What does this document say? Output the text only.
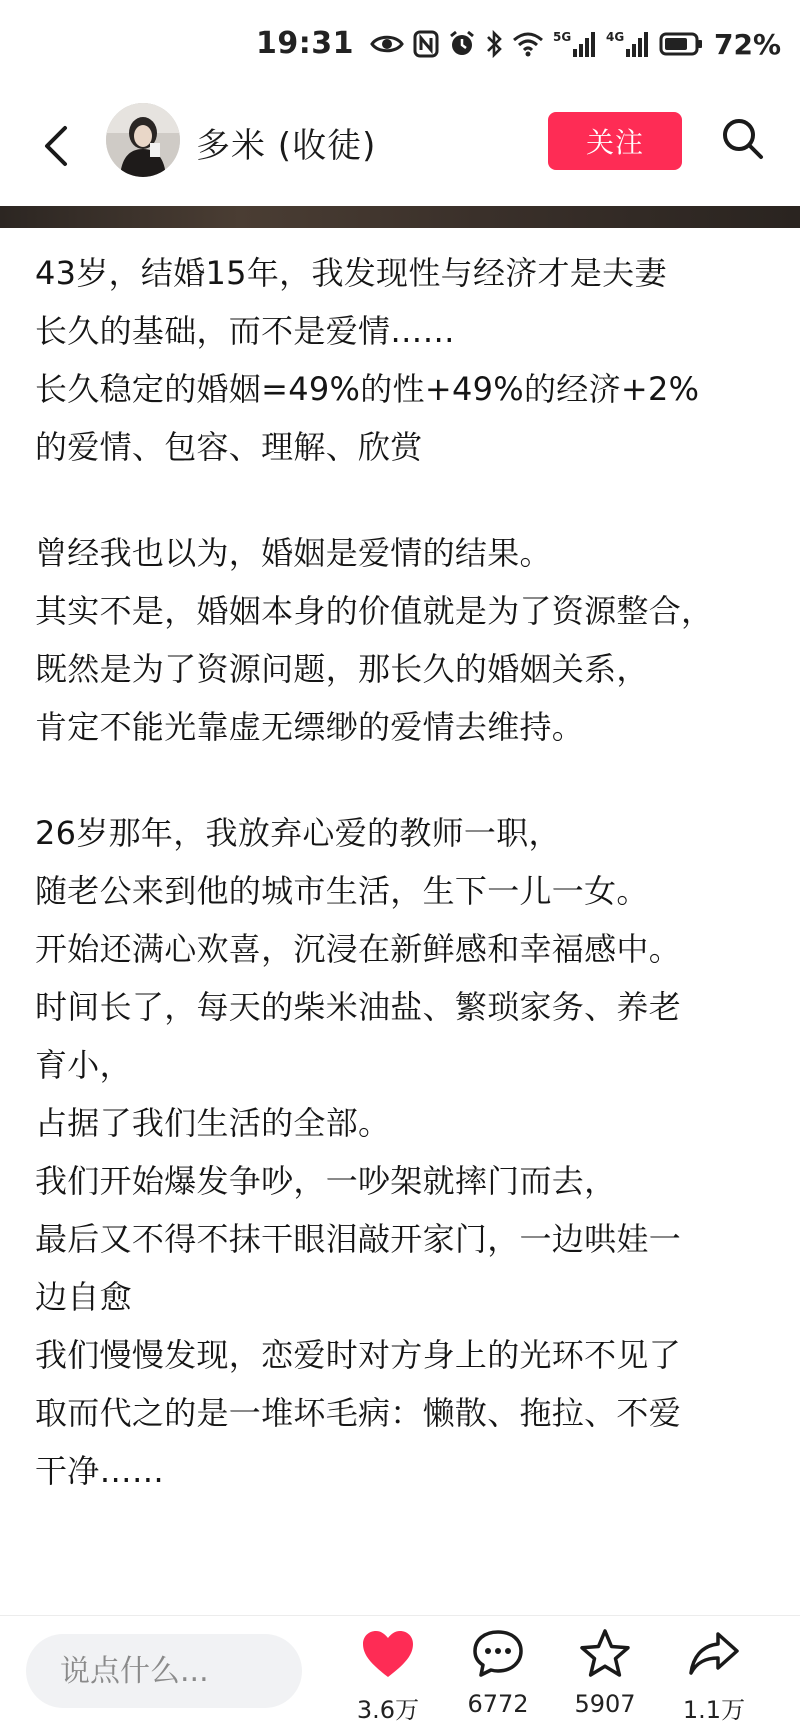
19:31	5G	4G	72%
多米 (收徒)	关注
43岁，结婚15年，我发现性与经济才是夫妻
长久的基础，而不是爱情……
长久稳定的婚姻=49%的性+49%的经济+2%
的爱情、包容、理解、欣赏
曾经我也以为，婚姻是爱情的结果。
其实不是，婚姻本身的价值就是为了资源整合，
既然是为了资源问题，那长久的婚姻关系，
肯定不能光靠虚无缥缈的爱情去维持。
26岁那年，我放弃心爱的教师一职，
随老公来到他的城市生活，生下一儿一女。
开始还满心欢喜，沉浸在新鲜感和幸福感中。
时间长了，每天的柴米油盐、繁琐家务、养老
育小，
占据了我们生活的全部。
我们开始爆发争吵，一吵架就摔门而去，
最后又不得不抹干眼泪敲开家门，一边哄娃一
边自愈
我们慢慢发现，恋爱时对方身上的光环不见了
取而代之的是一堆坏毛病：懒散、拖拉、不爱
干净……
说点什么...
3.6万 6772 5907 1.1万
